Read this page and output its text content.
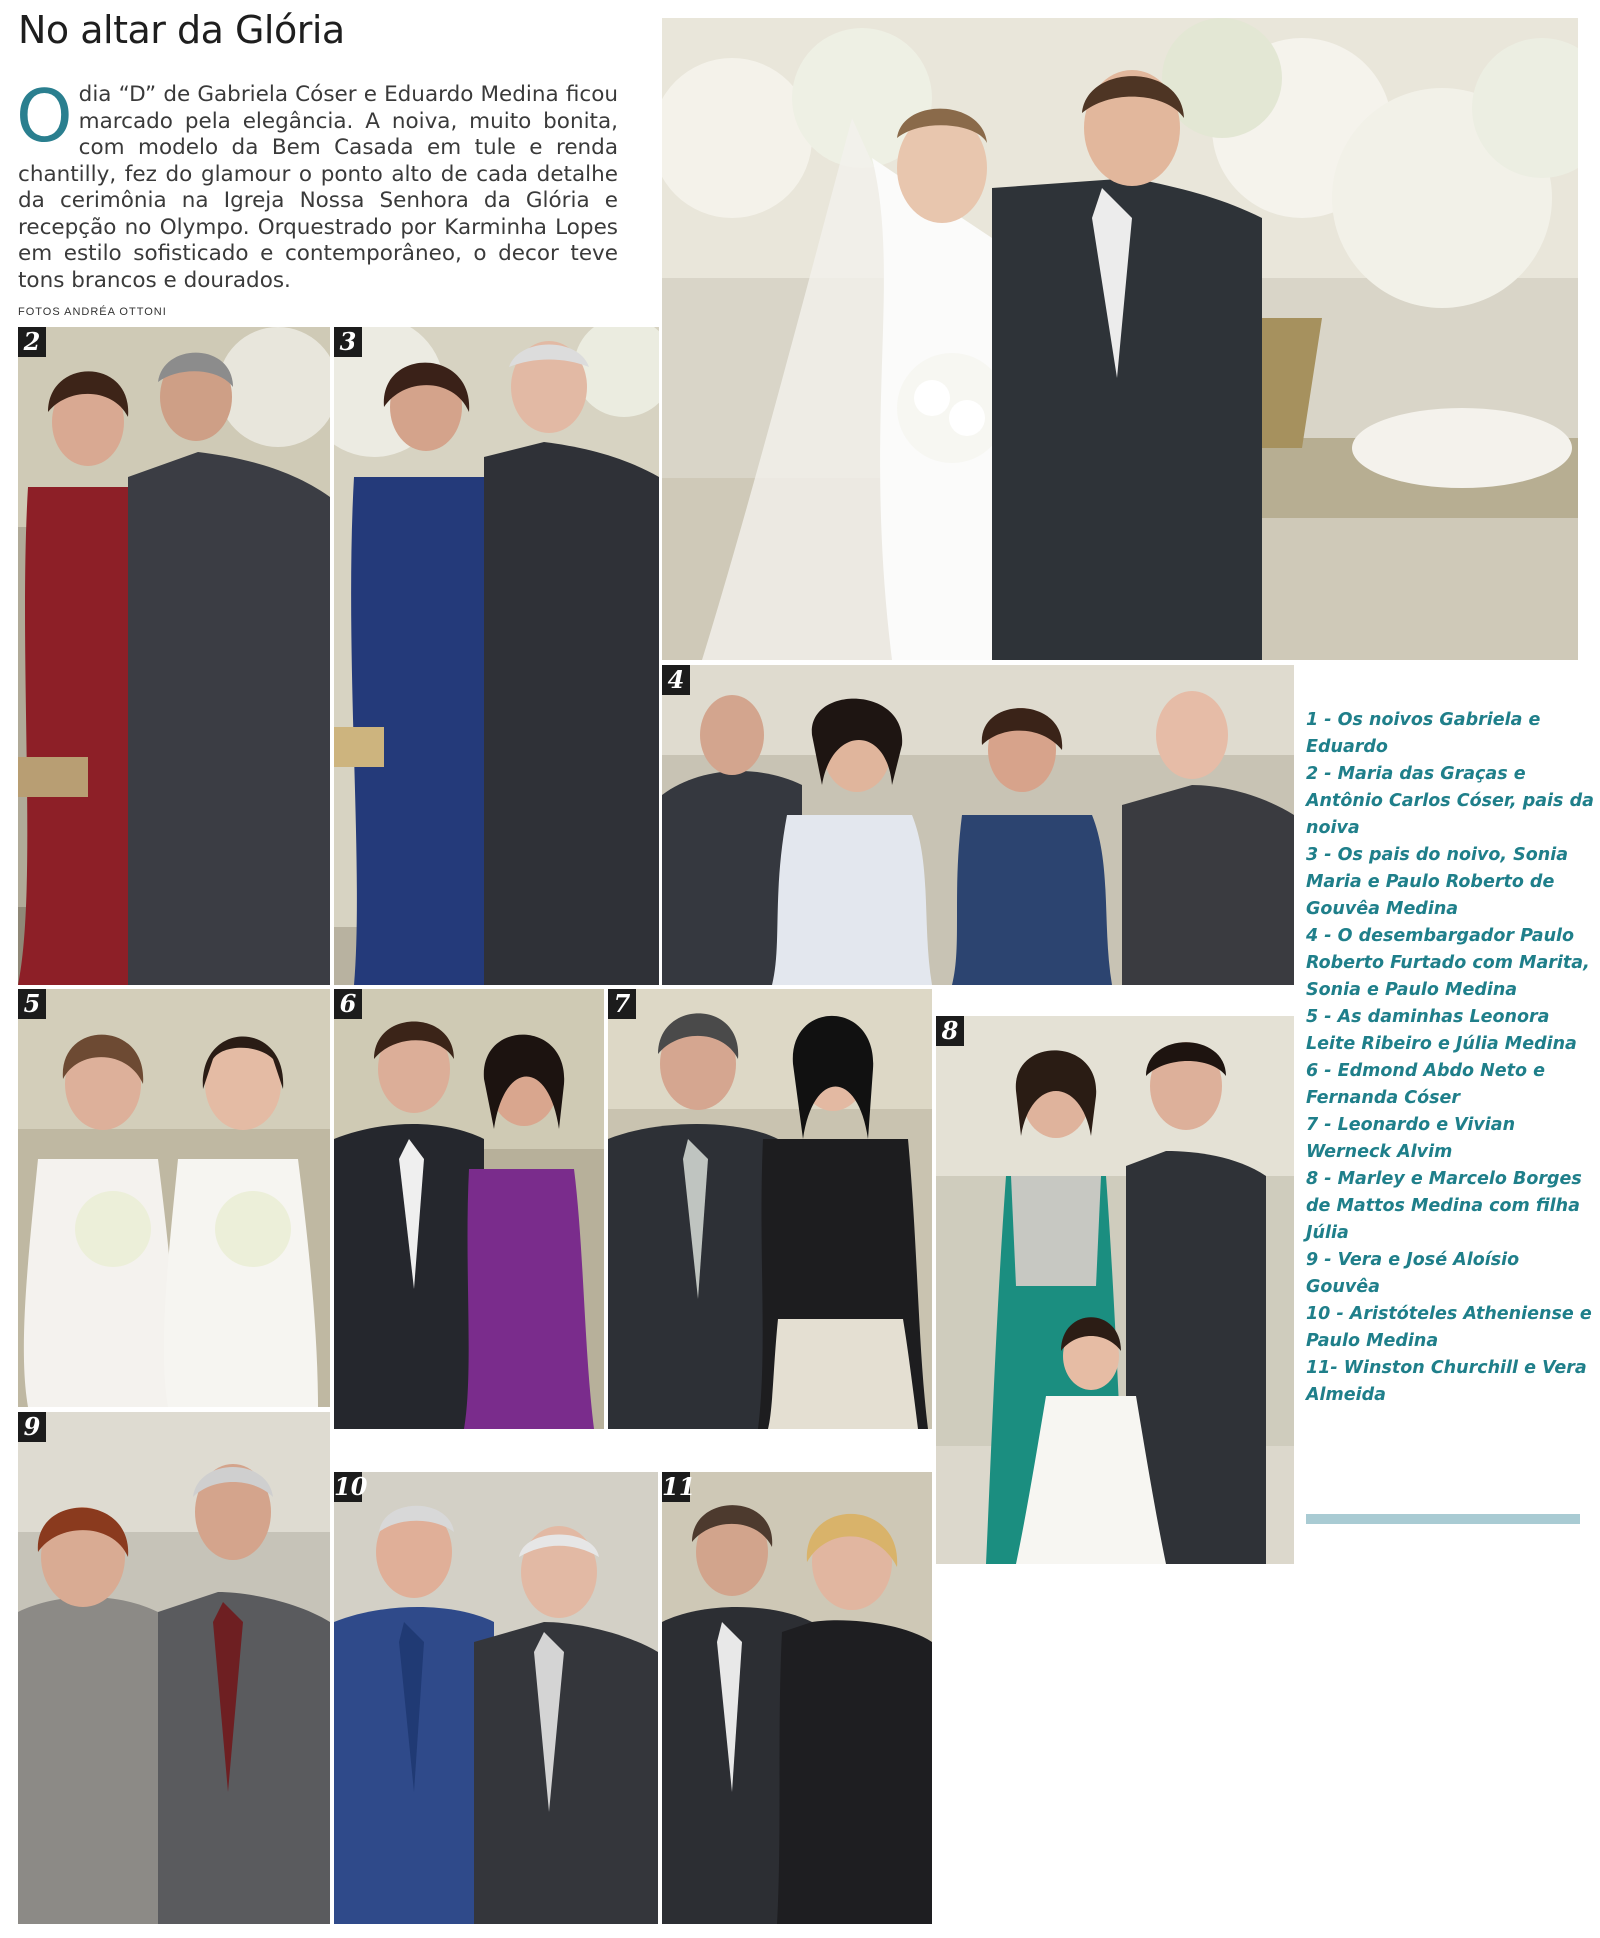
No altar da Glória

Odia “D” de Gabriela Cóser e Eduardo Medina ficou marcado pela elegância. A noiva, muito bonita, com modelo da Bem Casada em tule e renda chantilly, fez do glamour o ponto alto de cada detalhe da cerimônia na Igreja Nossa Senhora da Glória e recepção no Olympo. Orquestrado por Karminha Lopes em estilo sofisticado e contemporâneo, o decor teve tons brancos e dourados.

FOTOS ANDRÉA OTTONI
2	3
4
5	6	7
8
9
10	11
1 - Os noivos Gabriela e Eduardo
2 - Maria das Graças e Antônio Carlos Cóser, pais da noiva
3 - Os pais do noivo, Sonia Maria e Paulo Roberto de Gouvêa Medina
4 - O desembargador Paulo Roberto Furtado com Marita, Sonia e Paulo Medina
5 - As daminhas Leonora Leite Ribeiro e Júlia Medina
6 - Edmond Abdo Neto e Fernanda Cóser
7 - Leonardo e Vivian Werneck Alvim
8 - Marley e Marcelo Borges de Mattos Medina com filha Júlia
9 - Vera e José Aloísio Gouvêa
10 - Aristóteles Atheniense e Paulo Medina
11- Winston Churchill e Vera Almeida
